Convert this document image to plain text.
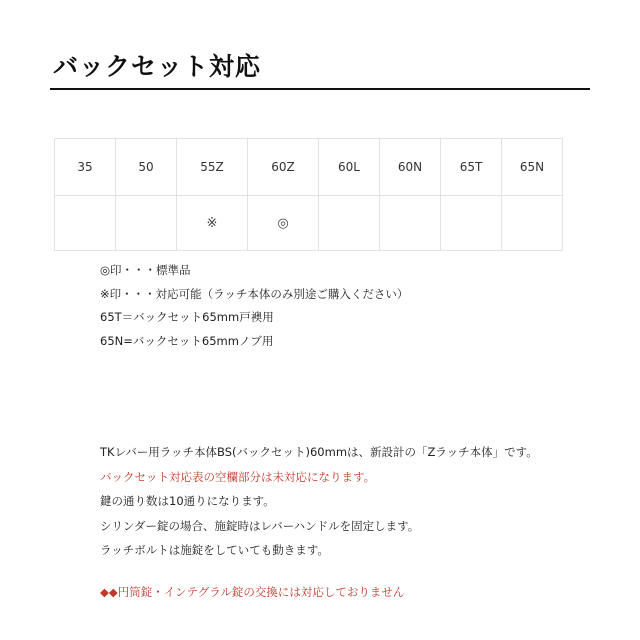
バックセット対応
35	50	55Z	60Z	60L	60N	65T	65N
		※	◎				
◎印・・・標準品
※印・・・対応可能（ラッチ本体のみ別途ご購入ください）
65T＝バックセット65mm戸襖用
65N=バックセット65mmノブ用
TKレバー用ラッチ本体BS(バックセット)60mmは、新設計の「Zラッチ本体」です。
バックセット対応表の空欄部分は未対応になります。
鍵の通り数は10通りになります。
シリンダー錠の場合、施錠時はレバーハンドルを固定します。
ラッチボルトは施錠をしていても動きます。

◆◆円筒錠・インテグラル錠の交換には対応しておりません
